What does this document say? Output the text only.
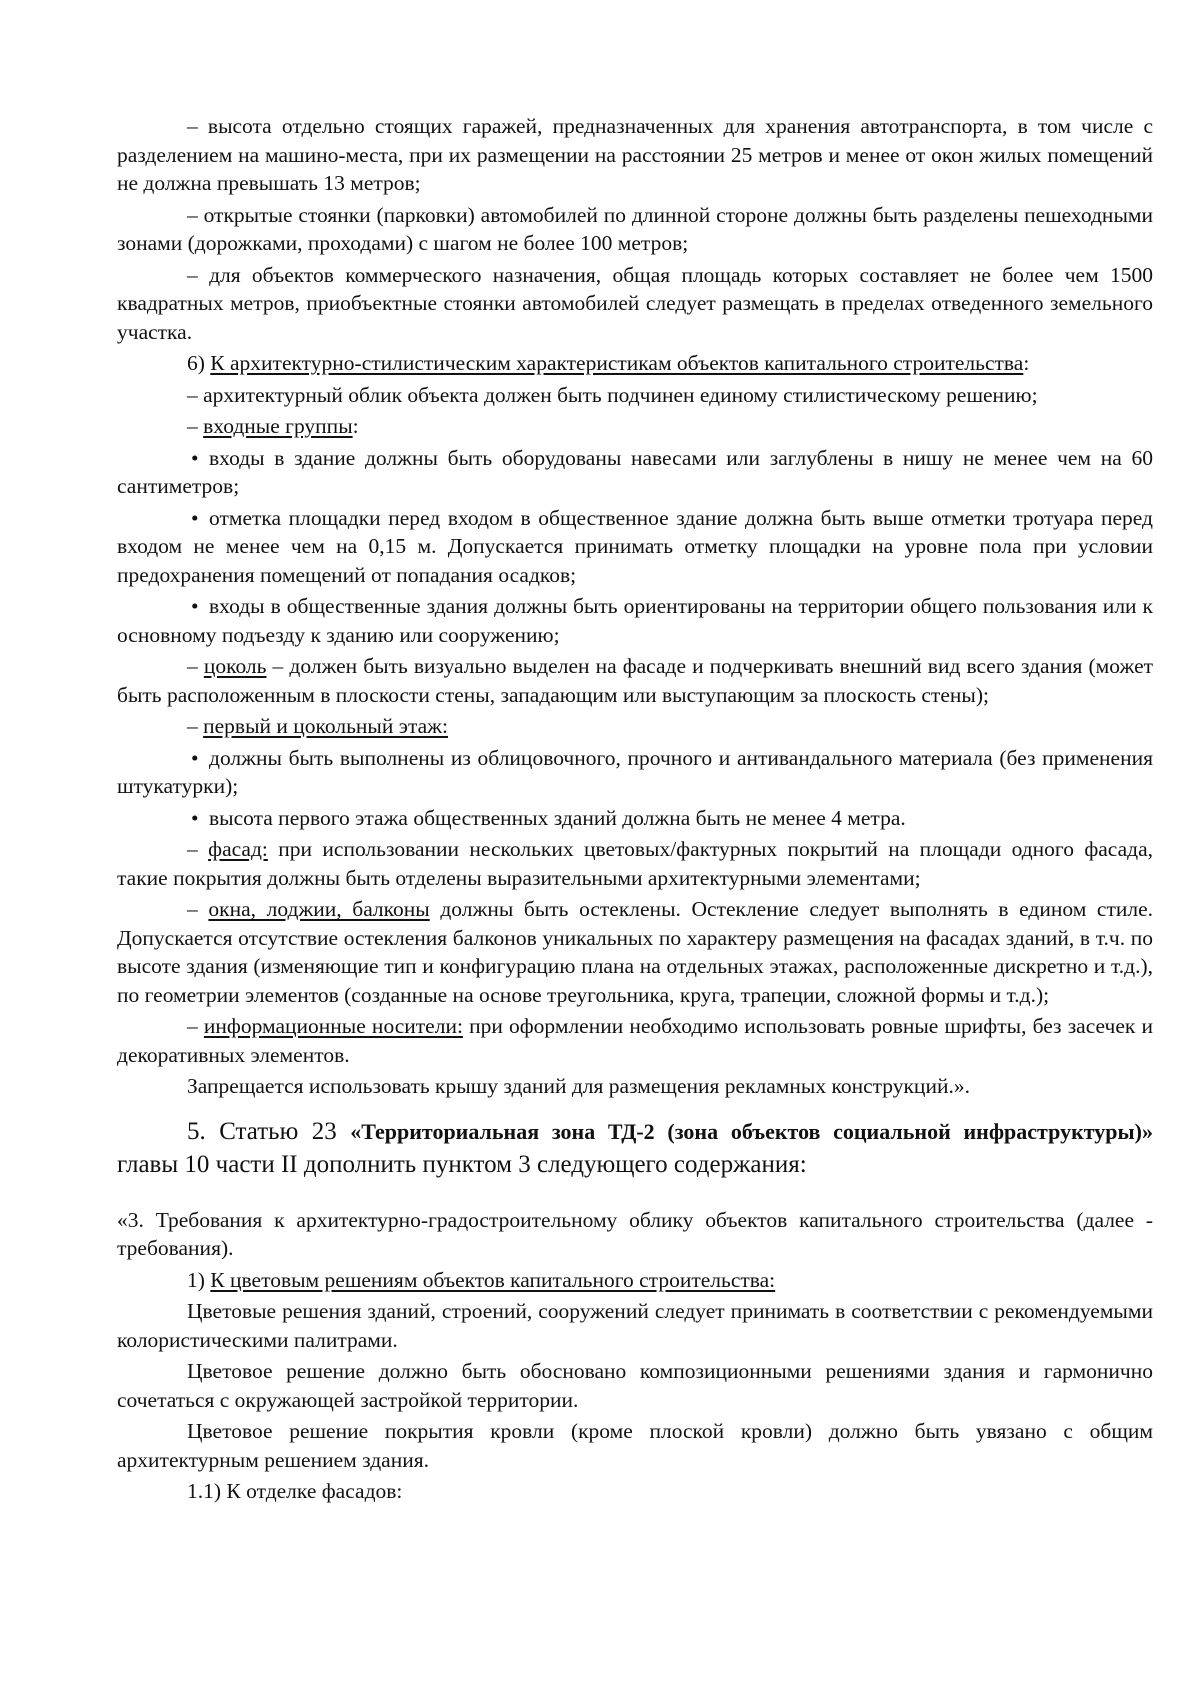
– высота отдельно стоящих гаражей, предназначенных для хранения автотранспорта, в том числе с разделением на машино-места, при их размещении на расстоянии 25 метров и менее от окон жилых помещений не должна превышать 13 метров;

– открытые стоянки (парковки) автомобилей по длинной стороне должны быть разделены пешеходными зонами (дорожками, проходами) с шагом не более 100 метров;

– для объектов коммерческого назначения, общая площадь которых составляет не более чем 1500 квадратных метров, приобъектные стоянки автомобилей следует размещать в пределах отведенного земельного участка.

6) К архитектурно-стилистическим характеристикам объектов капитального строительства:

– архитектурный облик объекта должен быть подчинен единому стилистическому решению;

– входные группы:

• входы в здание должны быть оборудованы навесами или заглублены в нишу не менее чем на 60 сантиметров;

• отметка площадки перед входом в общественное здание должна быть выше отметки тротуара перед входом не менее чем на 0,15 м. Допускается принимать отметку площадки на уровне пола при условии предохранения помещений от попадания осадков;

• входы в общественные здания должны быть ориентированы на территории общего пользования или к основному подъезду к зданию или сооружению;

– цоколь – должен быть визуально выделен на фасаде и подчеркивать внешний вид всего здания (может быть расположенным в плоскости стены, западающим или выступающим за плоскость стены);

– первый и цокольный этаж:

• должны быть выполнены из облицовочного, прочного и антивандального материала (без применения штукатурки);

• высота первого этажа общественных зданий должна быть не менее 4 метра.

– фасад: при использовании нескольких цветовых/фактурных покрытий на площади одного фасада, такие покрытия должны быть отделены выразительными архитектурными элементами;

– окна, лоджии, балконы должны быть остеклены. Остекление следует выполнять в едином стиле. Допускается отсутствие остекления балконов уникальных по характеру размещения на фасадах зданий, в т.ч. по высоте здания (изменяющие тип и конфигурацию плана на отдельных этажах, расположенные дискретно и т.д.), по геометрии элементов (созданные на основе треугольника, круга, трапеции, сложной формы и т.д.);

– информационные носители: при оформлении необходимо использовать ровные шрифты, без засечек и декоративных элементов.

Запрещается использовать крышу зданий для размещения рекламных конструкций.».

5. Статью 23 «Территориальная зона ТД-2 (зона объектов социальной инфраструктуры)» главы 10 части II дополнить пунктом 3 следующего содержания:

«3. Требования к архитектурно-градостроительному облику объектов капитального строительства (далее - требования).

1) К цветовым решениям объектов капитального строительства:

Цветовые решения зданий, строений, сооружений следует принимать в соответствии с рекомендуемыми колористическими палитрами.

Цветовое решение должно быть обосновано композиционными решениями здания и гармонично сочетаться с окружающей застройкой территории.

Цветовое решение покрытия кровли (кроме плоской кровли) должно быть увязано с общим архитектурным решением здания.

1.1) К отделке фасадов:
